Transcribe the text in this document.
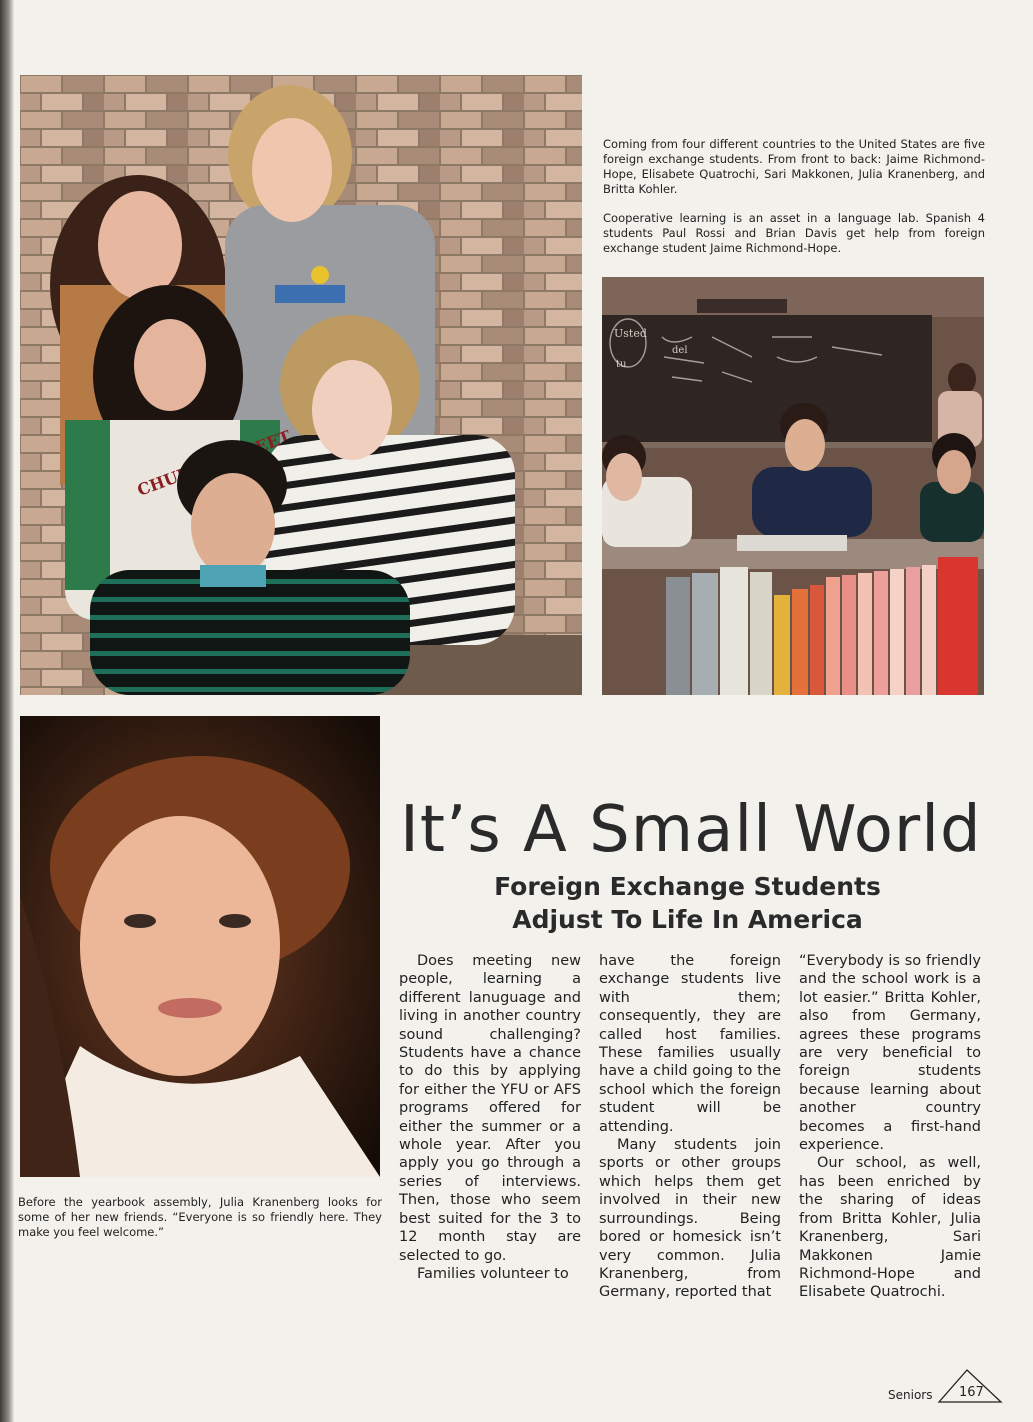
CHURCH

Coming from four different countries to the United States are five foreign exchange students. From front to back: Jaime Richmond-Hope, Elisabete Quatrochi, Sari Makkonen, Julia Kranenberg, and Britta Kohler.

Cooperative learning is an asset in a language lab. Spanish 4 students Paul Rossi and Brian Davis get help from foreign exchange student Jaime Richmond-Hope.

Usted
del
tu

Before the yearbook assembly, Julia Kranenberg looks for some of her new friends. “Everyone is so friendly here. They make you feel welcome.”

It’s A Small World
Foreign Exchange Students
Adjust To Life In America

Does meeting new people, learning a different lanuguage and living in another country sound challenging? Students have a chance to do this by applying for either the YFU or AFS programs offered for either the summer or a whole year. After you apply you go through a series of interviews. Then, those who seem best suited for the 3 to 12 month stay are selected to go.

Families volunteer to

have the foreign exchange students live with them; consequently, they are called host families. These families usually have a child going to the school which the foreign student will be attending.

Many students join sports or other groups which helps them get involved in their new surroundings. Being bored or homesick isn’t very common. Julia Kranenberg, from Germany, reported that

“Everybody is so friendly and the school work is a lot easier.” Britta Kohler, also from Germany, agrees these programs are very beneficial to foreign students because learning about another country becomes a first-hand experience.

Our school, as well, has been enriched by the sharing of ideas from Britta Kohler, Julia Kranenberg, Sari Makkonen Jamie Richmond-Hope and Elisabete Quatrochi.

Seniors 167
